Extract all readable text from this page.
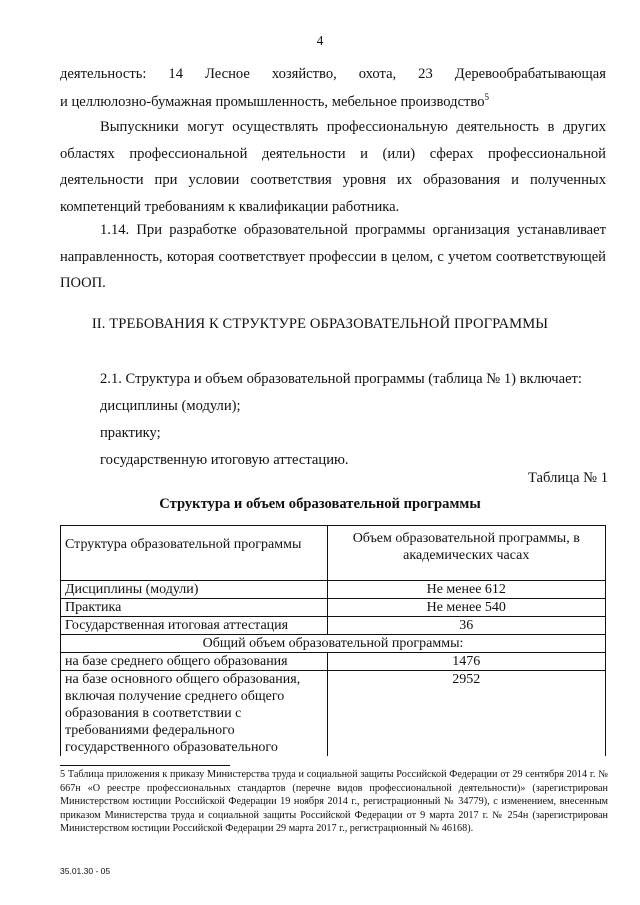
4
деятельность: 14 Лесное хозяйство, охота, 23 Деревообрабатывающая
и целлюлозно-бумажная промышленность, мебельное производство$^5$

Выпускники могут осуществлять профессиональную деятельность в других областях профессиональной деятельности и (или) сферах профессиональной деятельности при условии соответствия уровня их образования и полученных компетенций требованиям к квалификации работника.

1.14. При разработке образовательной программы организация устанавливает направленность, которая соответствует профессии в целом, с учетом соответствующей ПООП.

II. ТРЕБОВАНИЯ К СТРУКТУРЕ ОБРАЗОВАТЕЛЬНОЙ ПРОГРАММЫ
2.1. Структура и объем образовательной программы (таблица № 1) включает:
дисциплины (модули);
практику;
государственную итоговую аттестацию.
Таблица № 1
Структура и объем образовательной программы
Структура образовательной программы	Объем образовательной программы, в академических часах
Дисциплины (модули)	Не менее 612
Практика	Не менее 540
Государственная итоговая аттестация	36
Общий объем образовательной программы:	
на базе среднего общего образования	1476
на базе основного общего образования, включая получение среднего общего образования в соответствии с требованиями федерального государственного образовательного	2952

5 Таблица приложения к приказу Министерства труда и социальной защиты Российской Федерации от 29 сентября 2014 г. № 667н «О реестре профессиональных стандартов (перечне видов профессиональной деятельности)» (зарегистрирован Министерством юстиции Российской Федерации 19 ноября 2014 г., регистрационный № 34779), с изменением, внесенным приказом Министерства труда и социальной защиты Российской Федерации от 9 марта 2017 г. № 254н (зарегистрирован Министерством юстиции Российской Федерации 29 марта 2017 г., регистрационный № 46168).

35.01.30 - 05
